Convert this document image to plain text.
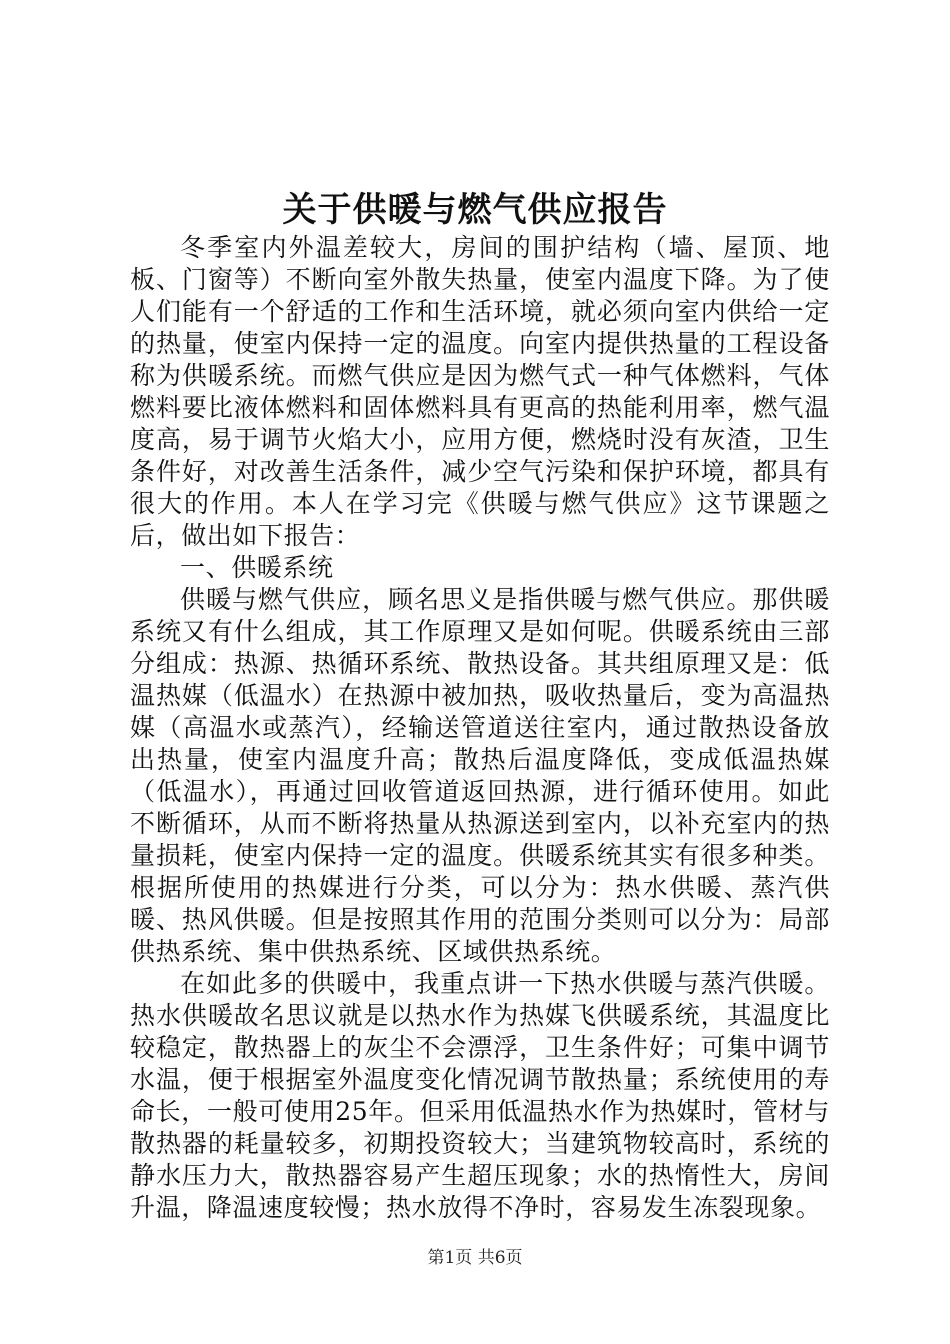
关于供暖与燃气供应报告

冬季室内外温差较大，房间的围护结构（墙、屋顶、地板、门窗等）不断向室外散失热量，使室内温度下降。为了使人们能有一个舒适的工作和生活环境，就必须向室内供给一定的热量，使室内保持一定的温度。向室内提供热量的工程设备称为供暖系统。而燃气供应是因为燃气式一种气体燃料，气体燃料要比液体燃料和固体燃料具有更高的热能利用率，燃气温度高，易于调节火焰大小，应用方便，燃烧时没有灰渣，卫生条件好，对改善生活条件，减少空气污染和保护环境，都具有很大的作用。本人在学习完《供暖与燃气供应》这节课题之后，做出如下报告：

一、供暖系统

供暖与燃气供应，顾名思义是指供暖与燃气供应。那供暖系统又有什么组成，其工作原理又是如何呢。供暖系统由三部分组成：热源、热循环系统、散热设备。其共组原理又是：低温热媒（低温水）在热源中被加热，吸收热量后，变为高温热媒（高温水或蒸汽），经输送管道送往室内，通过散热设备放出热量，使室内温度升高；散热后温度降低，变成低温热媒（低温水），再通过回收管道返回热源，进行循环使用。如此不断循环，从而不断将热量从热源送到室内，以补充室内的热量损耗，使室内保持一定的温度。供暖系统其实有很多种类。根据所使用的热媒进行分类，可以分为：热水供暖、蒸汽供暖、热风供暖。但是按照其作用的范围分类则可以分为：局部供热系统、集中供热系统、区域供热系统。

在如此多的供暖中，我重点讲一下热水供暖与蒸汽供暖。热水供暖故名思议就是以热水作为热媒飞供暖系统，其温度比较稳定，散热器上的灰尘不会漂浮，卫生条件好；可集中调节水温，便于根据室外温度变化情况调节散热量；系统使用的寿命长，一般可使用25年。但采用低温热水作为热媒时，管材与散热器的耗量较多，初期投资较大；当建筑物较高时，系统的静水压力大，散热器容易产生超压现象；水的热惰性大，房间升温，降温速度较慢；热水放得不净时，容易发生冻裂现象。

第1页 共6页
